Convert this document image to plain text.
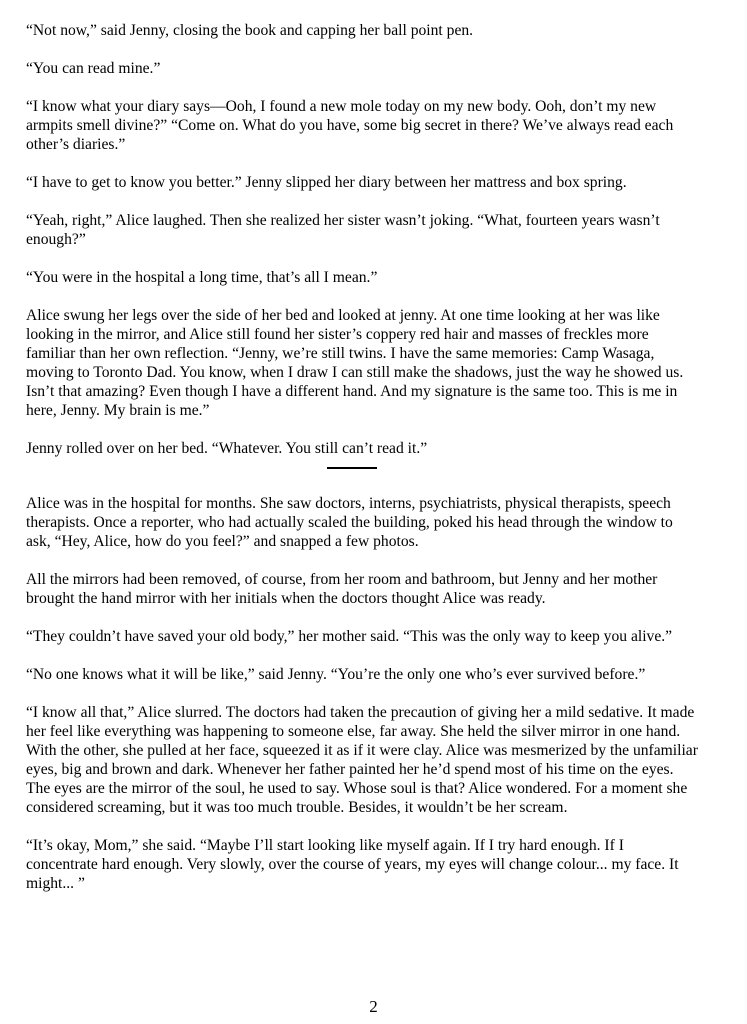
“Not now,” said Jenny, closing the book and capping her ball point pen.

“You can read mine.”

“I know what your diary says—Ooh, I found a new mole today on my new body. Ooh, don’t my new armpits smell divine?” “Come on. What do you have, some big secret in there? We’ve always read each other’s diaries.”

“I have to get to know you better.” Jenny slipped her diary between her mattress and box spring.

“Yeah, right,” Alice laughed. Then she realized her sister wasn’t joking. “What, fourteen years wasn’t enough?”

“You were in the hospital a long time, that’s all I mean.”

Alice swung her legs over the side of her bed and looked at jenny. At one time looking at her was like looking in the mirror, and Alice still found her sister’s coppery red hair and masses of freckles more familiar than her own reflection. “Jenny, we’re still twins. I have the same memories: Camp Wasaga, moving to Toronto Dad. You know, when I draw I can still make the shadows, just the way he showed us. Isn’t that amazing? Even though I have a different hand. And my signature is the same too. This is me in here, Jenny. My brain is me.”

Jenny rolled over on her bed. “Whatever. You still can’t read it.”

Alice was in the hospital for months. She saw doctors, interns, psychiatrists, physical therapists, speech therapists. Once a reporter, who had actually scaled the building, poked his head through the window to ask, “Hey, Alice, how do you feel?” and snapped a few photos.

All the mirrors had been removed, of course, from her room and bathroom, but Jenny and her mother brought the hand mirror with her initials when the doctors thought Alice was ready.

“They couldn’t have saved your old body,” her mother said. “This was the only way to keep you alive.”

“No one knows what it will be like,” said Jenny. “You’re the only one who’s ever survived before.”

“I know all that,” Alice slurred. The doctors had taken the precaution of giving her a mild sedative. It made her feel like everything was happening to someone else, far away. She held the silver mirror in one hand. With the other, she pulled at her face, squeezed it as if it were clay. Alice was mesmerized by the unfamiliar eyes, big and brown and dark. Whenever her father painted her he’d spend most of his time on the eyes. The eyes are the mirror of the soul, he used to say. Whose soul is that? Alice wondered. For a moment she considered screaming, but it was too much trouble. Besides, it wouldn’t be her scream.

“It’s okay, Mom,” she said. “Maybe I’ll start looking like myself again. If I try hard enough. If I concentrate hard enough. Very slowly, over the course of years, my eyes will change colour... my face. It might... ”

2
